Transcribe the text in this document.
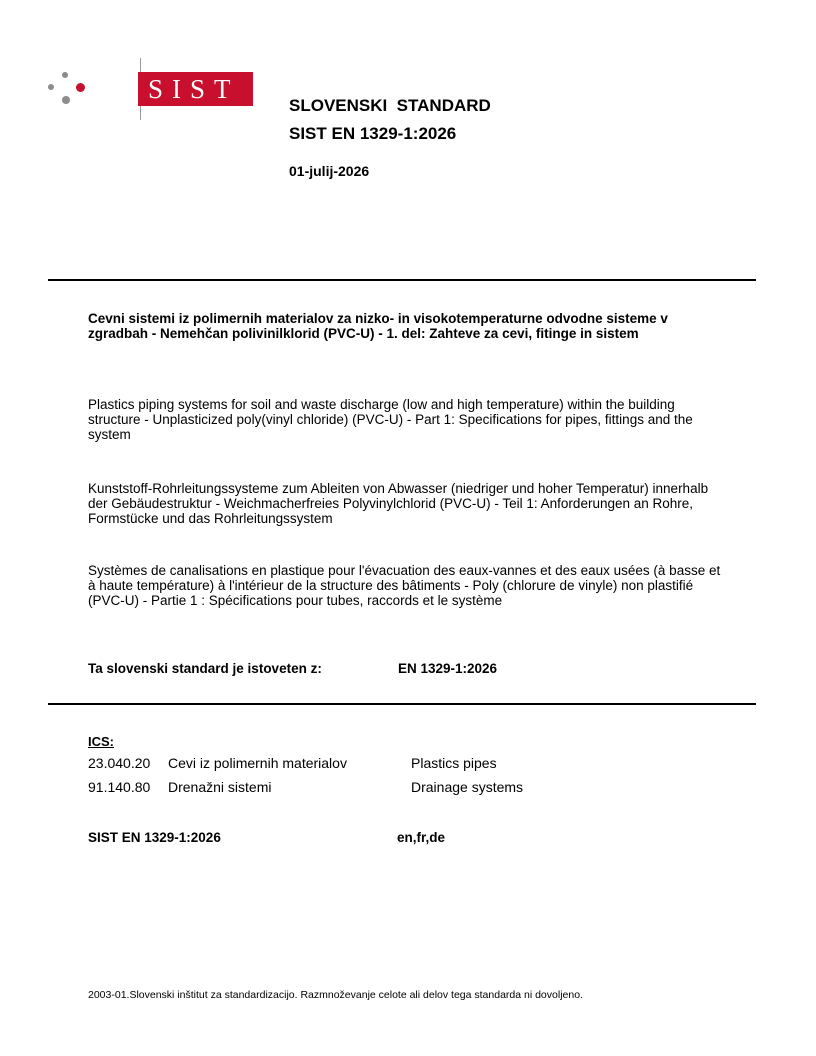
SIST
SLOVENSKI  STANDARD
SIST EN 1329-1:2026
01-julij-2026
Cevni sistemi iz polimernih materialov za nizko- in visokotemperaturne odvodne sisteme v zgradbah - Nemehčan polivinilklorid (PVC-U) - 1. del: Zahteve za cevi, fitinge in sistem
Plastics piping systems for soil and waste discharge (low and high temperature) within the building structure - Unplasticized poly(vinyl chloride) (PVC-U) - Part 1: Specifications for pipes, fittings and the system
Kunststoff-Rohrleitungssysteme zum Ableiten von Abwasser (niedriger und hoher Temperatur) innerhalb der Gebäudestruktur - Weichmacherfreies Polyvinylchlorid (PVC-U) - Teil 1: Anforderungen an Rohre, Formstücke und das Rohrleitungssystem
Systèmes de canalisations en plastique pour l'évacuation des eaux-vannes et des eaux usées (à basse et à haute température) à l'intérieur de la structure des bâtiments - Poly (chlorure de vinyle) non plastifié (PVC-U) - Partie 1 : Spécifications pour tubes, raccords et le système
Ta slovenski standard je istoveten z:	EN 1329-1:2026
ICS:
23.040.20 Cevi iz polimernih materialov	Plastics pipes
91.140.80 Drenažni sistemi	Drainage systems
SIST EN 1329-1:2026	en,fr,de
2003-01.Slovenski inštitut za standardizacijo. Razmnoževanje celote ali delov tega standarda ni dovoljeno.
